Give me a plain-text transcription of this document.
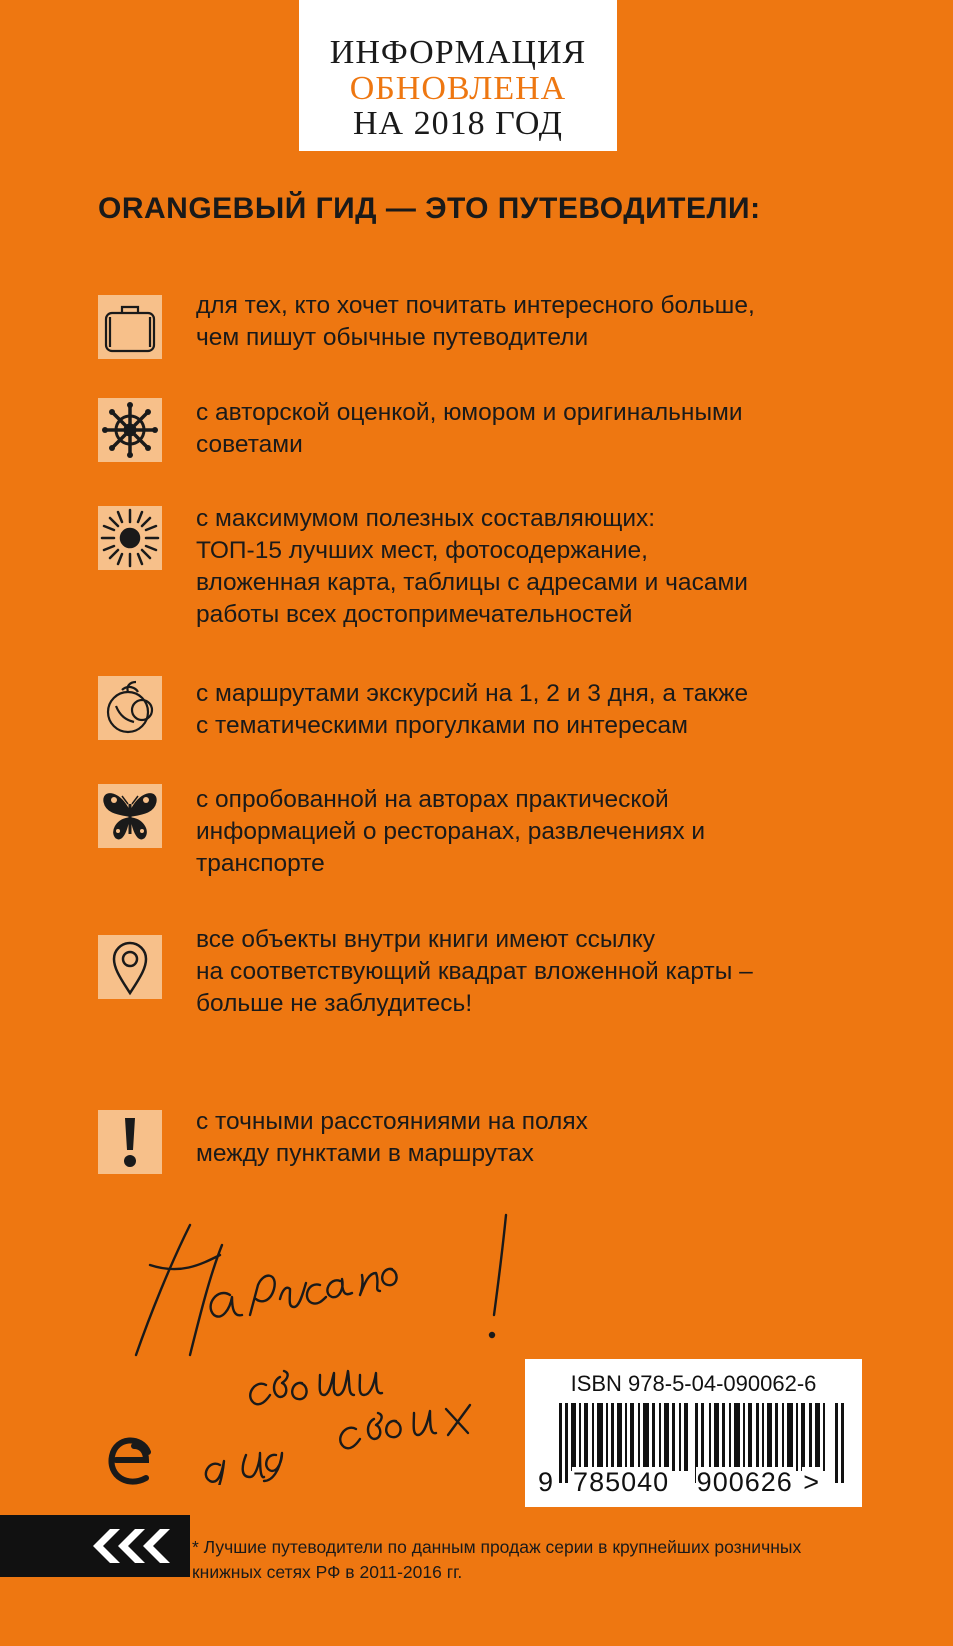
ИНФОРМАЦИЯ
ОБНОВЛЕНА
НА 2018 ГОД
ORANGEВЫЙ ГИД — ЭТО ПУТЕВОДИТЕЛИ:
для тех, кто хочет почитать интересного больше,
чем пишут обычные путеводители
с авторской оценкой, юмором и оригинальными
советами
с максимумом полезных составляющих:
ТОП-15 лучших мест, фотосодержание,
вложенная карта, таблицы с адресами и часами
работы всех достопримечательностей
с маршрутами экскурсий на 1, 2 и 3 дня, а также
с тематическими прогулками по интересам
с опробованной на авторах практической
информацией о ресторанах, развлечениях и
транспорте
все объекты внутри книги имеют ссылку
на соответствующий квадрат вложенной карты –
больше не заблудитесь!
с точными расстояниями на полях
между пунктами в маршрутах
ISBN 978-5-04-090062-6
9 785040 900626 >
* Лучшие путеводители по данным продаж серии в крупнейших розничных
книжных сетях РФ в 2011-2016 гг.
